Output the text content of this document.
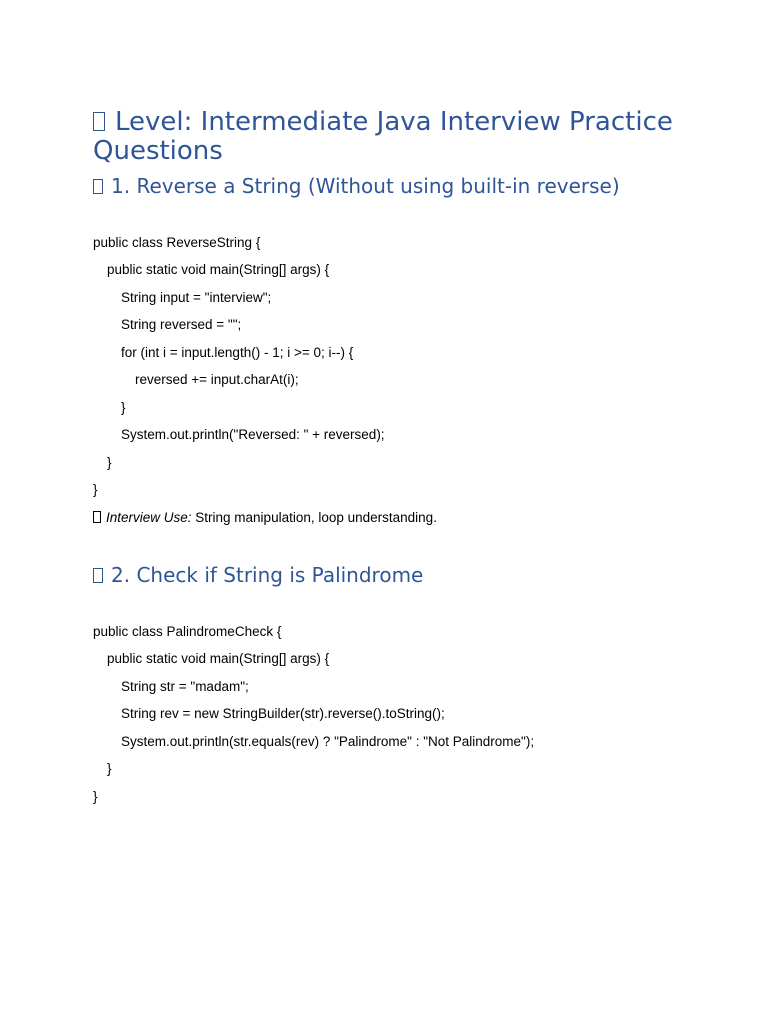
Level: Intermediate Java Interview Practice
Questions
1. Reverse a String (Without using built-in reverse)
public class ReverseString {
public static void main(String[] args) {
String input = "interview";
String reversed = "";
for (int i = input.length() - 1; i >= 0; i--) {
reversed += input.charAt(i);
}
System.out.println("Reversed: " + reversed);
}
}
Interview Use: String manipulation, loop understanding.
2. Check if String is Palindrome
public class PalindromeCheck {
public static void main(String[] args) {
String str = "madam";
String rev = new StringBuilder(str).reverse().toString();
System.out.println(str.equals(rev) ? "Palindrome" : "Not Palindrome");
}
}
